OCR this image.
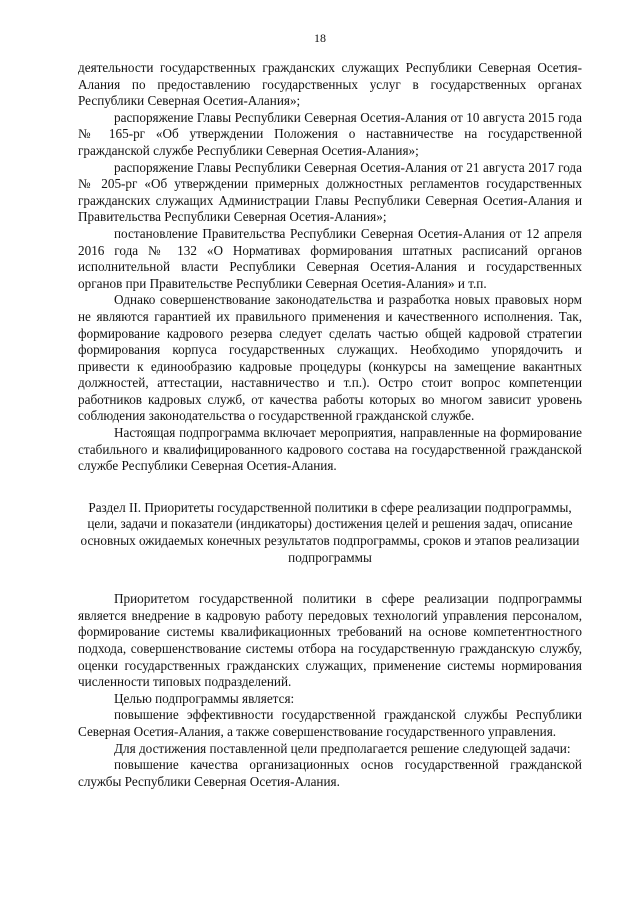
18

деятельности государственных гражданских служащих Республики Северная Осетия-Алания по предоставлению государственных услуг в государственных органах Республики Северная Осетия-Алания»;

распоряжение Главы Республики Северная Осетия-Алания от 10 августа 2015 года № 165-рг «Об утверждении Положения о наставничестве на государственной гражданской службе Республики Северная Осетия-Алания»;

распоряжение Главы Республики Северная Осетия-Алания от 21 августа 2017 года № 205-рг «Об утверждении примерных должностных регламентов государственных гражданских служащих Администрации Главы Республики Северная Осетия-Алания и Правительства Республики Северная Осетия-Алания»;

постановление Правительства Республики Северная Осетия-Алания от 12 апреля 2016 года № 132 «О Нормативах формирования штатных расписаний органов исполнительной власти Республики Северная Осетия-Алания и государственных органов при Правительстве Республики Северная Осетия-Алания» и т.п.

Однако совершенствование законодательства и разработка новых правовых норм не являются гарантией их правильного применения и качественного исполнения. Так, формирование кадрового резерва следует сделать частью общей кадровой стратегии формирования корпуса государственных служащих. Необходимо упорядочить и привести к единообразию кадровые процедуры (конкурсы на замещение вакантных должностей, аттестации, наставничество и т.п.). Остро стоит вопрос компетенции работников кадровых служб, от качества работы которых во многом зависит уровень соблюдения законодательства о государственной гражданской службе.

Настоящая подпрограмма включает мероприятия, направленные на формирование стабильного и квалифицированного кадрового состава на государственной гражданской службе Республики Северная Осетия-Алания.

Раздел II. Приоритеты государственной политики в сфере реализации подпрограммы, цели, задачи и показатели (индикаторы) достижения целей и решения задач, описание основных ожидаемых конечных результатов подпрограммы, сроков и этапов реализации подпрограммы

Приоритетом государственной политики в сфере реализации подпрограммы является внедрение в кадровую работу передовых технологий управления персоналом, формирование системы квалификационных требований на основе компетентностного подхода, совершенствование системы отбора на государственную гражданскую службу, оценки государственных гражданских служащих, применение системы нормирования численности типовых подразделений.

Целью подпрограммы является:

повышение эффективности государственной гражданской службы Республики Северная Осетия-Алания, а также совершенствование государственного управления.

Для достижения поставленной цели предполагается решение следующей задачи:

повышение качества организационных основ государственной гражданской службы Республики Северная Осетия-Алания.
